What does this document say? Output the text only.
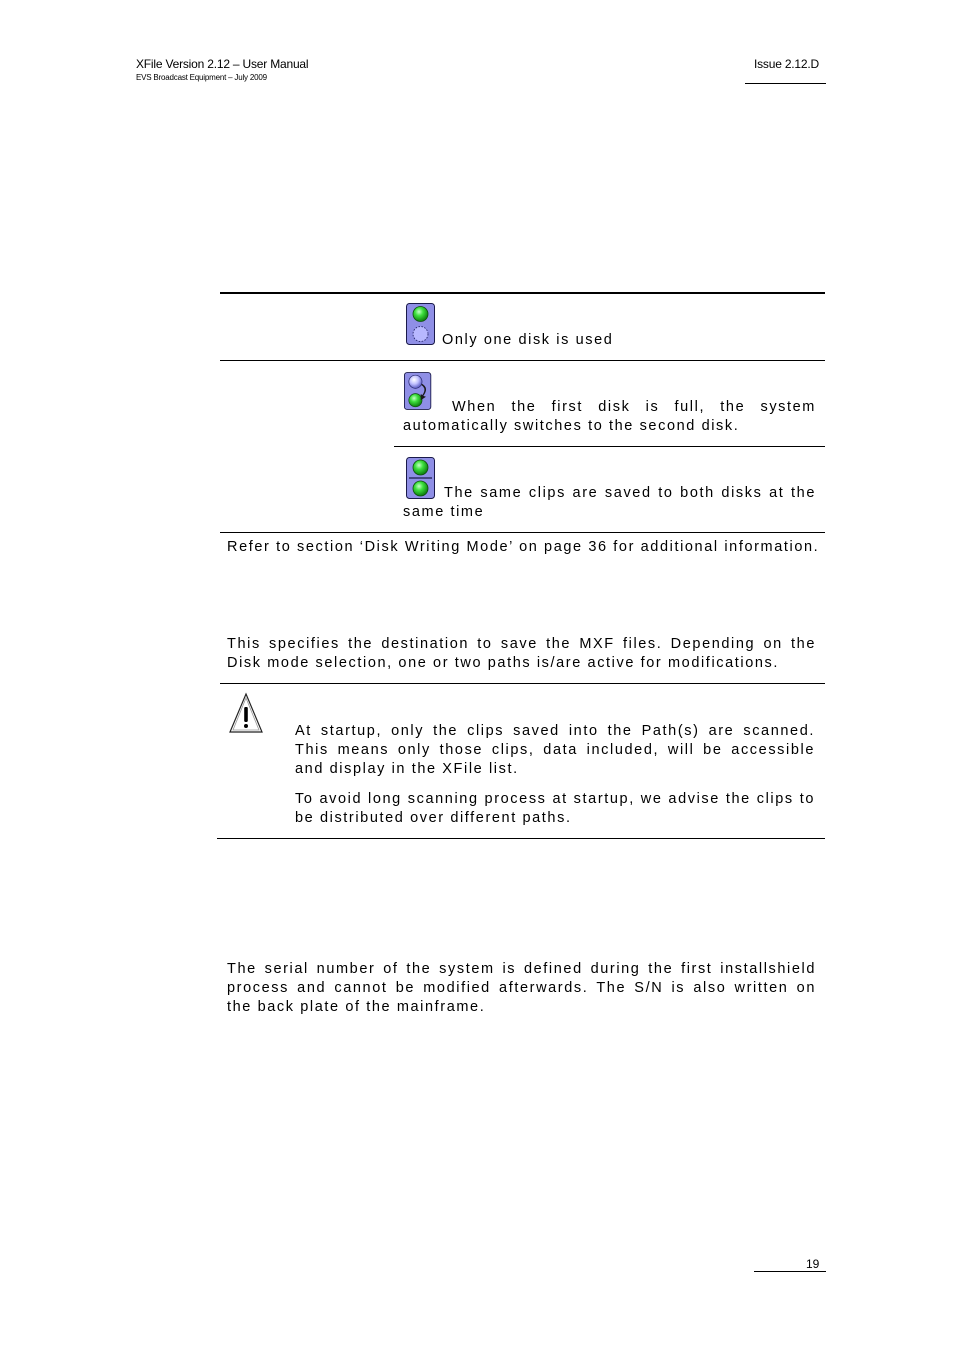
XFile Version 2.12 – User Manual
EVS Broadcast Equipment – July 2009
Issue 2.12.D
Only one disk is used
When the first disk is full, the system automatically switches to the second disk.
The same clips are saved to both disks at the same time
Refer to section ‘Disk Writing Mode’ on page 36 for additional information.
This specifies the destination to save the MXF files. Depending on the Disk mode selection, one or two paths is/are active for modifications.
At startup, only the clips saved into the Path(s) are scanned. This means only those clips, data included, will be accessible and display in the XFile list.
To avoid long scanning process at startup, we advise the clips to be distributed over different paths.
The serial number of the system is defined during the first installshield process and cannot be modified afterwards. The S/N is also written on the back plate of the mainframe.
19
